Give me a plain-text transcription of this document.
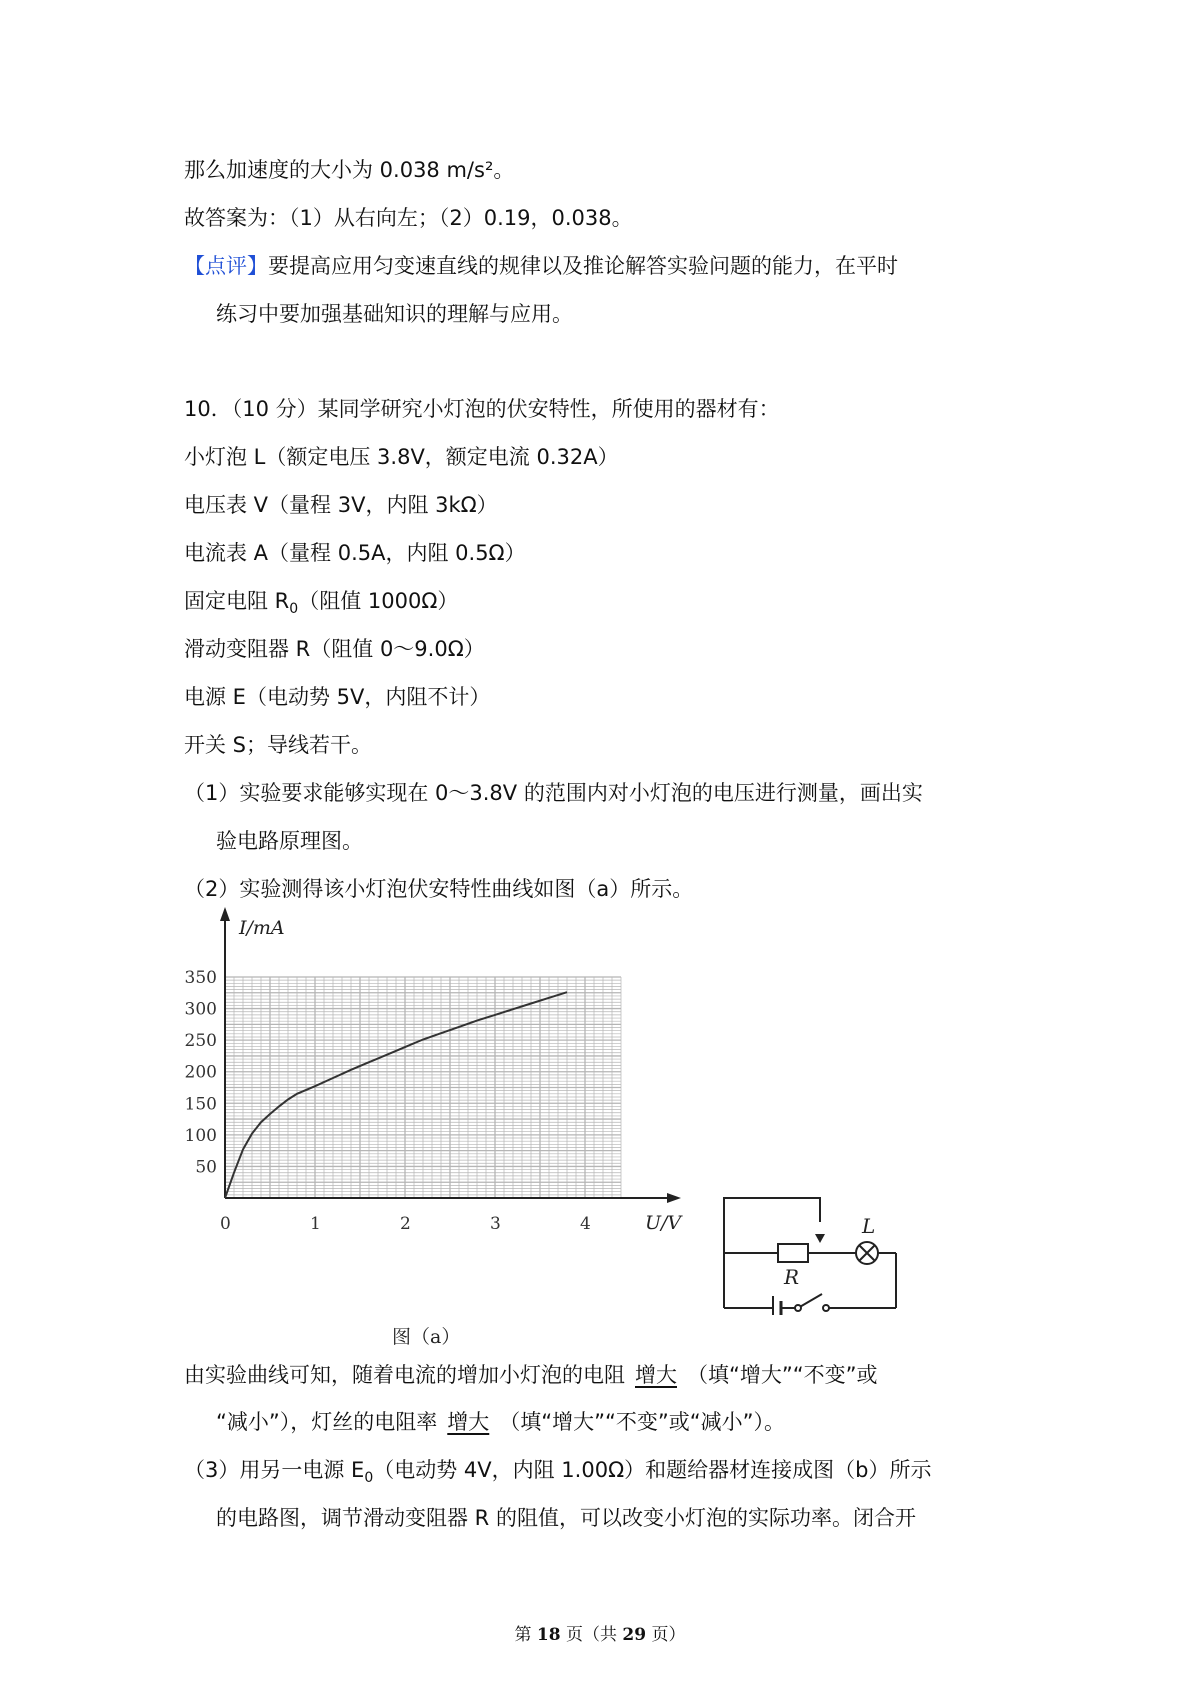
那么加速度的大小为 0.038 m/s²。
故答案为：（1）从右向左；（2）0.19，0.038。
【点评】要提高应用匀变速直线的规律以及推论解答实验问题的能力，在平时
练习中要加强基础知识的理解与应用。
10．（10 分）某同学研究小灯泡的伏安特性，所使用的器材有：
小灯泡 L（额定电压 3.8V，额定电流 0.32A）
电压表 V（量程 3V，内阻 3kΩ）
电流表 A（量程 0.5A，内阻 0.5Ω）
固定电阻 $R_0$（阻值 1000Ω）
滑动变阻器 R（阻值 0～9.0Ω）
电源 E（电动势 5V，内阻不计）
开关 S；导线若干。
（1）实验要求能够实现在 0～3.8V 的范围内对小灯泡的电压进行测量，画出实
验电路原理图。
（2）实验测得该小灯泡伏安特性曲线如图（a）所示。
0	1	2	3	4
50
100
150
200
250
300
350
I/mA
U/V
图（a）
L
R
由实验曲线可知，随着电流的增加小灯泡的电阻 增大 （填“增大”“不变”或
“减小”），灯丝的电阻率 增大 （填“增大”“不变”或“减小”）。
（3）用另一电源 $E_0$（电动势 4V，内阻 1.00Ω）和题给器材连接成图（b）所示
的电路图，调节滑动变阻器 R 的阻值，可以改变小灯泡的实际功率。闭合开
第 18 页（共 29 页）
